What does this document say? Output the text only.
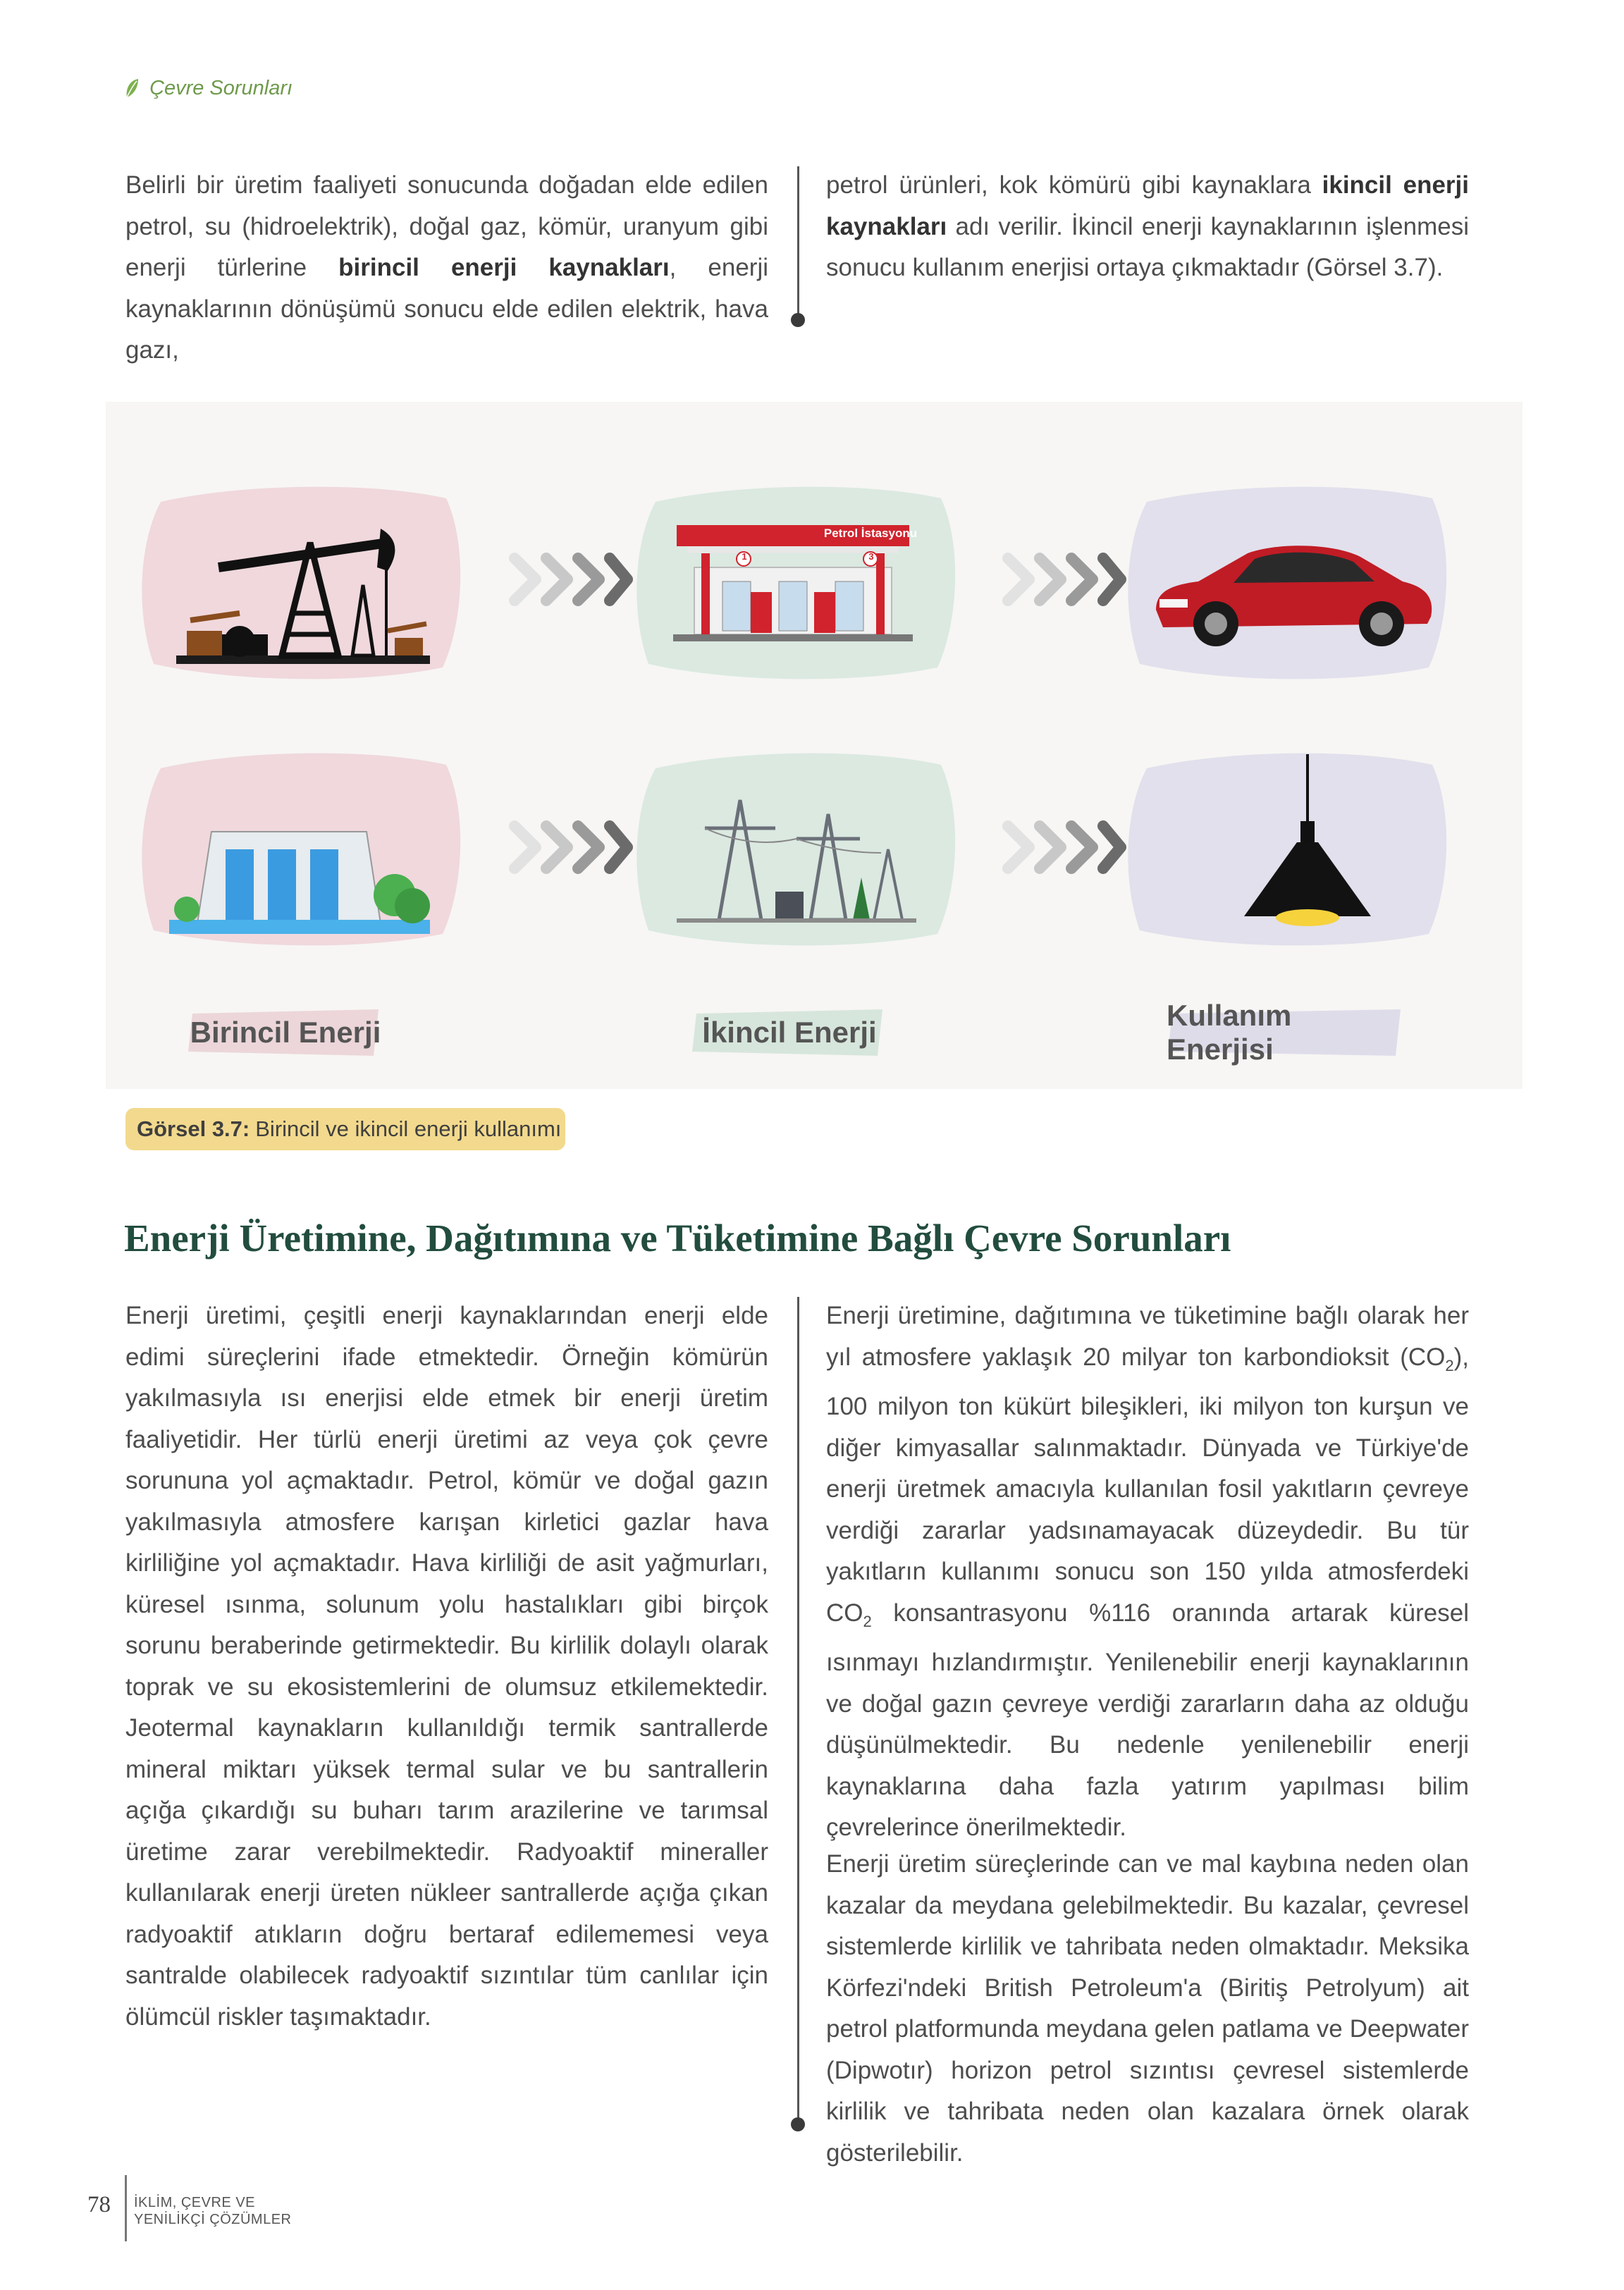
Çevre Sorunları
Belirli bir üretim faaliyeti sonucunda doğadan elde edilen petrol, su (hidroelektrik), doğal gaz, kömür, uranyum gibi enerji türlerine birincil enerji kaynakları, enerji kaynaklarının dönüşümü sonucu elde edilen elektrik, hava gazı,
petrol ürünleri, kok kömürü gibi kaynaklara ikincil enerji kaynakları adı verilir. İkincil enerji kaynaklarının işlenmesi sonucu kullanım enerjisi ortaya çıkmaktadır (Görsel 3.7).
Petrol İstasyonu
1	3
Birincil Enerji	İkincil Enerji
Kullanım Enerjisi
Görsel 3.7: Birincil ve ikincil enerji kullanımı
Enerji Üretimine, Dağıtımına ve Tüketimine Bağlı Çevre Sorunları
Enerji üretimi, çeşitli enerji kaynaklarından enerji elde edimi süreçlerini ifade etmektedir. Örneğin kömürün yakılmasıyla ısı enerjisi elde etmek bir enerji üretim faaliyetidir. Her türlü enerji üretimi az veya çok çevre sorununa yol açmaktadır. Petrol, kömür ve doğal gazın yakılmasıyla atmosfere karışan kirletici gazlar hava kirliliğine yol açmaktadır. Hava kirliliği de asit yağmurları, küresel ısınma, solunum yolu hastalıkları gibi birçok sorunu beraberinde getirmektedir. Bu kirlilik dolaylı olarak toprak ve su ekosistemlerini de olumsuz etkilemektedir. Jeotermal kaynakların kullanıldığı termik santrallerde mineral miktarı yüksek termal sular ve bu santrallerin açığa çıkardığı su buharı tarım arazilerine ve tarımsal üretime zarar verebilmektedir. Radyoaktif mineraller kullanılarak enerji üreten nükleer santrallerde açığa çıkan radyoaktif atıkların doğru bertaraf edilememesi veya santralde olabilecek radyoaktif sızıntılar tüm canlılar için ölümcül riskler taşımaktadır.
Enerji üretimine, dağıtımına ve tüketimine bağlı olarak her yıl atmosfere yaklaşık 20 milyar ton karbondioksit $(CO_2)$, 100 milyon ton kükürt bileşikleri, iki milyon ton kurşun ve diğer kimyasallar salınmaktadır. Dünyada ve Türkiye'de enerji üretmek amacıyla kullanılan fosil yakıtların çevreye verdiği zararlar yadsınamayacak düzeydedir. Bu tür yakıtların kullanımı sonucu son 150 yılda atmosferdeki $CO_2$ konsantrasyonu %116 oranında artarak küresel ısınmayı hızlandırmıştır. Yenilenebilir enerji kaynaklarının ve doğal gazın çevreye verdiği zararların daha az olduğu düşünülmektedir. Bu nedenle yenilenebilir enerji kaynaklarına daha fazla yatırım yapılması bilim çevrelerince önerilmektedir.
Enerji üretim süreçlerinde can ve mal kaybına neden olan kazalar da meydana gelebilmektedir. Bu kazalar, çevresel sistemlerde kirlilik ve tahribata neden olmaktadır. Meksika Körfezi'ndeki British Petroleum'a (Biritiş Petrolyum) ait petrol platformunda meydana gelen patlama ve Deepwater (Dipwotır) horizon petrol sızıntısı çevresel sistemlerde kirlilik ve tahribata neden olan kazalara örnek olarak gösterilebilir.
78 İKLİM, ÇEVRE VE
YENİLİKÇİ ÇÖZÜMLER
